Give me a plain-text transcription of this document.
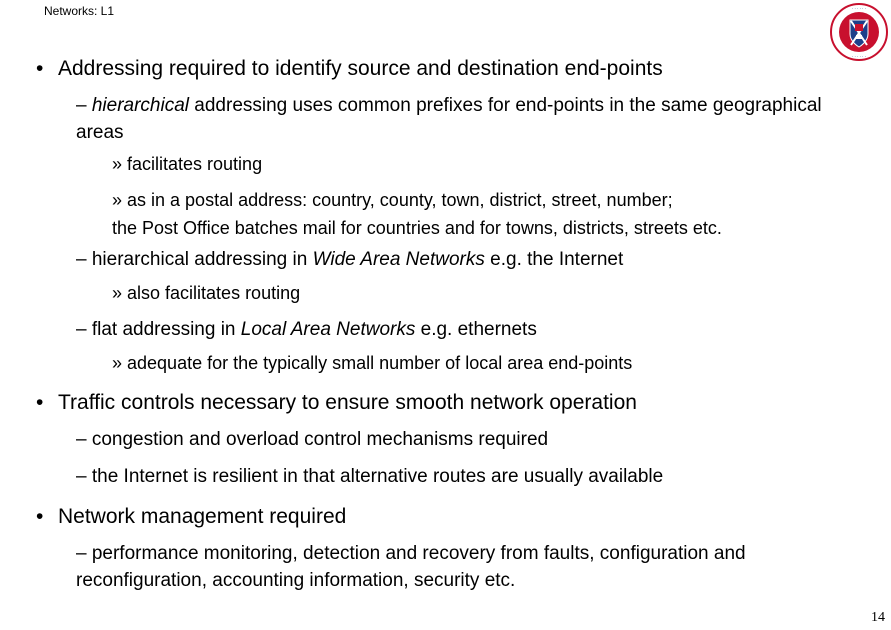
Networks: L1	· · · · · ·
· · · · · ·
• Addressing required to identify source and destination end-points
– hierarchical addressing uses common prefixes for end-points in the same geographical areas
» facilitates routing
» as in a postal address: country, county, town, district, street, number;
the Post Office batches mail for countries and for towns, districts, streets etc.
– hierarchical addressing in Wide Area Networks e.g. the Internet
» also facilitates routing
– flat addressing in Local Area Networks e.g. ethernets
» adequate for the typically small number of local area end-points
• Traffic controls necessary to ensure smooth network operation
– congestion and overload control mechanisms required
– the Internet is resilient in that alternative routes are usually available
• Network management required
– performance monitoring, detection and recovery from faults, configuration and reconfiguration, accounting information, security etc.
14
